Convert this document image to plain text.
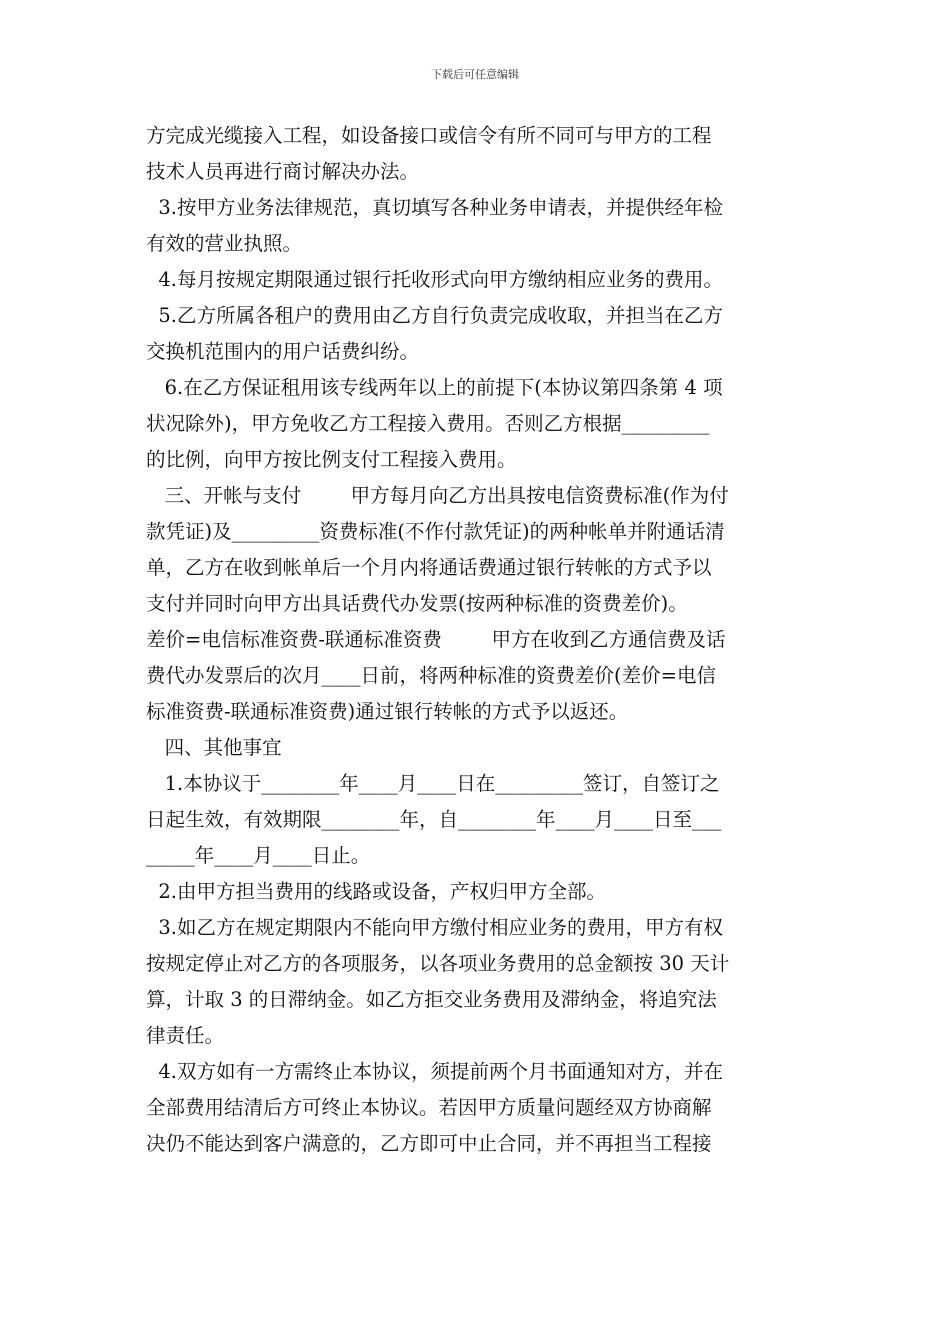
下载后可任意编辑
方完成光缆接入工程，如设备接口或信令有所不同可与甲方的工程
技术人员再进行商讨解决办法。
3.按甲方业务法律规范，真切填写各种业务申请表，并提供经年检
有效的营业执照。
4.每月按规定期限通过银行托收形式向甲方缴纳相应业务的费用。
5.乙方所属各租户的费用由乙方自行负责完成收取，并担当在乙方
交换机范围内的用户话费纠纷。
6.在乙方保证租用该专线两年以上的前提下(本协议第四条第 4 项
状况除外)，甲方免收乙方工程接入费用。否则乙方根据_________
的比例，向甲方按比例支付工程接入费用。
三、开帐与支付        甲方每月向乙方出具按电信资费标准(作为付
款凭证)及_________资费标准(不作付款凭证)的两种帐单并附通话清
单，乙方在收到帐单后一个月内将通话费通过银行转帐的方式予以
支付并同时向甲方出具话费代办发票(按两种标准的资费差价)。
差价=电信标准资费-联通标准资费        甲方在收到乙方通信费及话
费代办发票后的次月____日前，将两种标准的资费差价(差价=电信
标准资费-联通标准资费)通过银行转帐的方式予以返还。
四、其他事宜
1.本协议于________年____月____日在_________签订，自签订之
日起生效，有效期限________年，自________年____月____日至___
_____年____月____日止。
2.由甲方担当费用的线路或设备，产权归甲方全部。
3.如乙方在规定期限内不能向甲方缴付相应业务的费用，甲方有权
按规定停止对乙方的各项服务，以各项业务费用的总金额按 30 天计
算，计取 3 的日滞纳金。如乙方拒交业务费用及滞纳金，将追究法
律责任。
4.双方如有一方需终止本协议，须提前两个月书面通知对方，并在
全部费用结清后方可终止本协议。若因甲方质量问题经双方协商解
决仍不能达到客户满意的，乙方即可中止合同，并不再担当工程接
